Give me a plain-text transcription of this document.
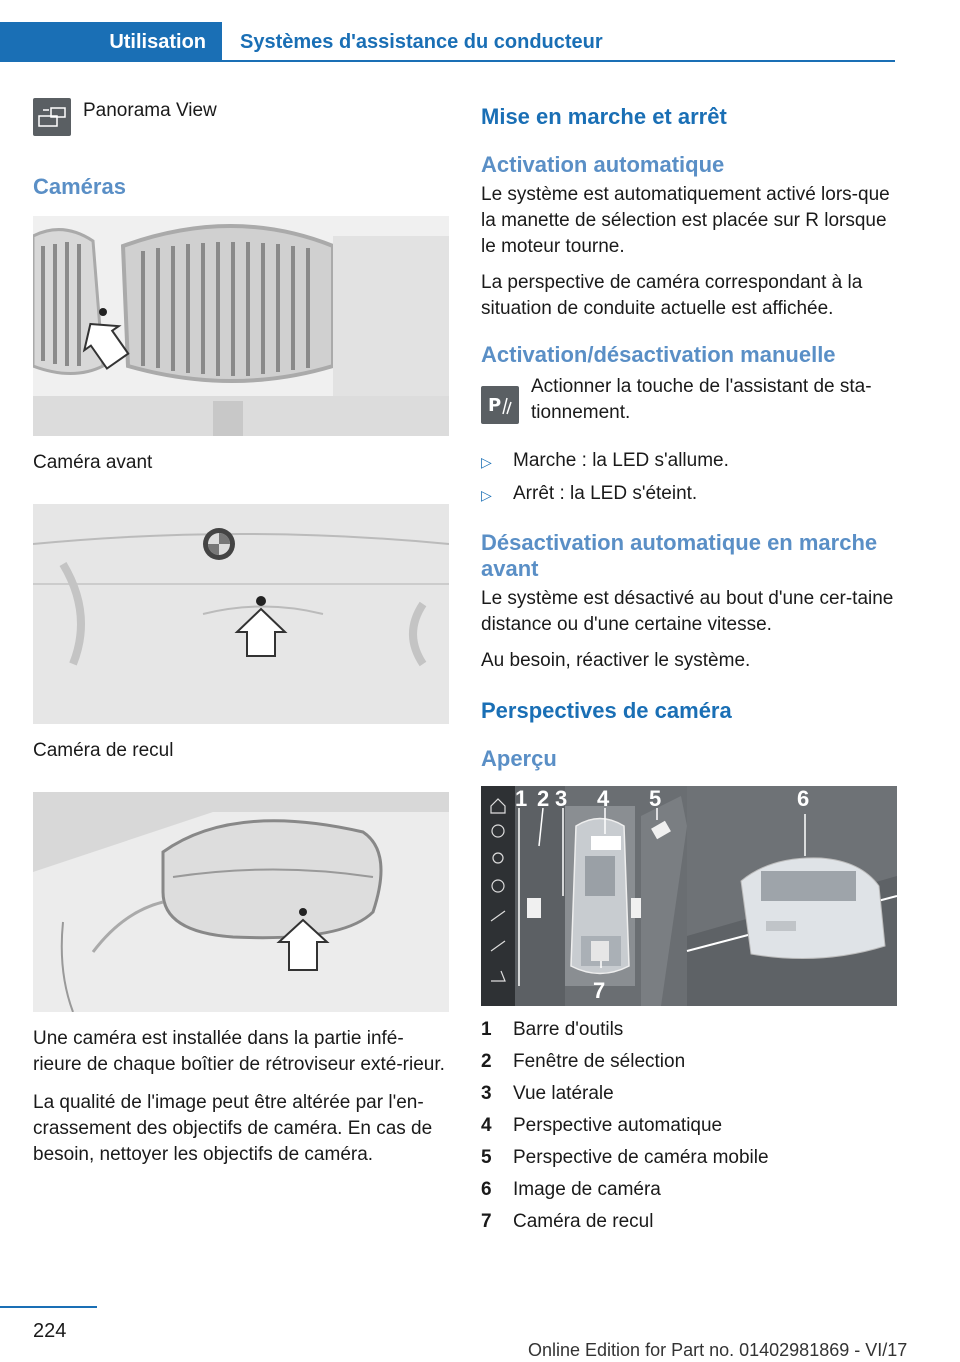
Utilisation	Systèmes d'assistance du conducteur
Panorama View
Caméras

Caméra avant

Caméra de recul

Une caméra est installée dans la partie infé-rieure de chaque boîtier de rétroviseur exté-rieur.

La qualité de l'image peut être altérée par l'en-crassement des objectifs de caméra. En cas de besoin, nettoyer les objectifs de caméra.

Mise en marche et arrêt
Activation automatique

Le système est automatiquement activé lors-que la manette de sélection est placée sur R lorsque le moteur tourne.

La perspective de caméra correspondant à la situation de conduite actuelle est affichée.

Activation/désactivation manuelle
P

Actionner la touche de l'assistant de sta-tionnement.

▷	Marche : la LED s'allume.
▷	Arrêt : la LED s'éteint.
Désactivation automatique en marche avant

Le système est désactivé au bout d'une cer-taine distance ou d'une certaine vitesse.

Au besoin, réactiver le système.

Perspectives de caméra
Aperçu
1 2 3 4 5	6
7
1	Barre d'outils
2	Fenêtre de sélection
3	Vue latérale
4	Perspective automatique
5	Perspective de caméra mobile
6	Image de caméra
7	Caméra de recul
224
Online Edition for Part no. 01402981869 - VI/17
